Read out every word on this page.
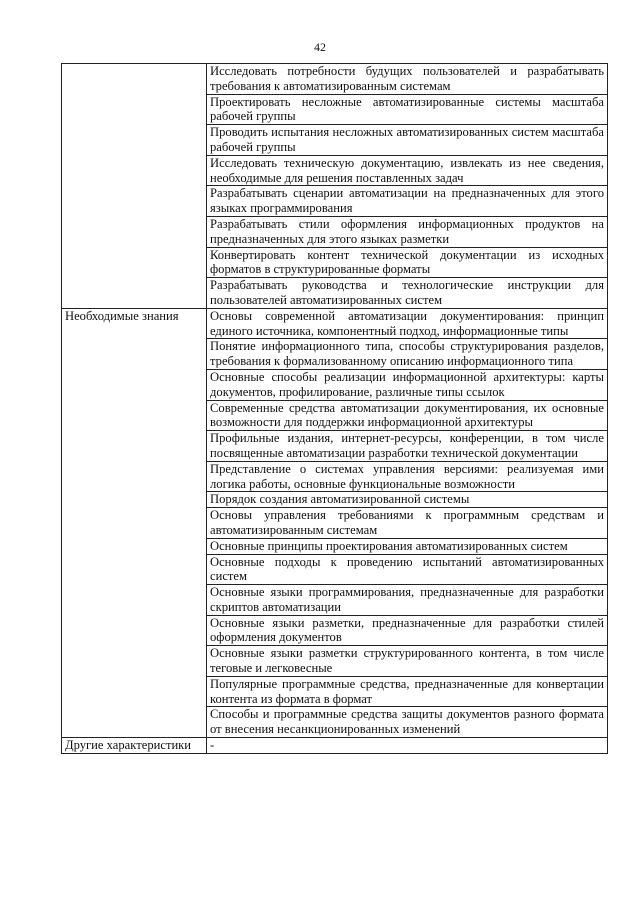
42

	Исследовать потребности будущих пользователей и разрабатывать требования к автоматизированным системам

	Проектировать несложные автоматизированные системы масштаба рабочей группы

	Проводить испытания несложных автоматизированных систем масштаба рабочей группы

	Исследовать техническую документацию, извлекать из нее сведения, необходимые для решения поставленных задач

	Разрабатывать сценарии автоматизации на предназначенных для этого языках программирования

	Разрабатывать стили оформления информационных продуктов на предназначенных для этого языках разметки

	Конвертировать контент технической документации из исходных форматов в структурированные форматы

	Разрабатывать руководства и технологические инструкции для пользователей автоматизированных систем

Необходимые знания	Основы современной автоматизации документирования: принцип единого источника, компонентный подход, информационные типы

	Понятие информационного типа, способы структурирования разделов, требования к формализованному описанию информационного типа

	Основные способы реализации информационной архитектуры: карты документов, профилирование, различные типы ссылок

	Современные средства автоматизации документирования, их основные возможности для поддержки информационной архитектуры

	Профильные издания, интернет-ресурсы, конференции, в том числе посвященные автоматизации разработки технической документации

	Представление о системах управления версиями: реализуемая ими логика работы, основные функциональные возможности

	Порядок создания автоматизированной системы

	Основы управления требованиями к программным средствам и автоматизированным системам

	Основные принципы проектирования автоматизированных систем

	Основные подходы к проведению испытаний автоматизированных систем

	Основные языки программирования, предназначенные для разработки скриптов автоматизации

	Основные языки разметки, предназначенные для разработки стилей оформления документов

	Основные языки разметки структурированного контента, в том числе теговые и легковесные

	Популярные программные средства, предназначенные для конвертации контента из формата в формат

	Способы и программные средства защиты документов разного формата от внесения несанкционированных изменений

Другие характеристики	-
